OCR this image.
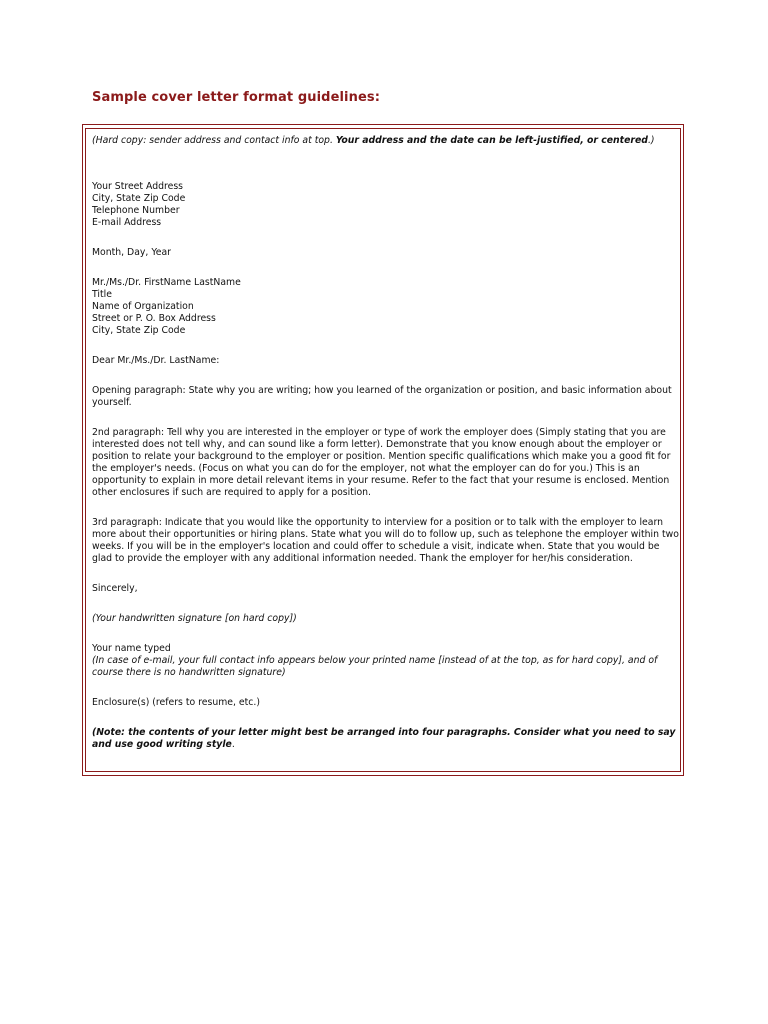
Sample cover letter format guidelines:

(Hard copy: sender address and contact info at top. Your address and the date can be left-justified, or centered.)

Your Street Address
City, State Zip Code
Telephone Number
E-mail Address

Month, Day, Year

Mr./Ms./Dr. FirstName LastName
Title
Name of Organization
Street or P. O. Box Address
City, State Zip Code

Dear Mr./Ms./Dr. LastName:

Opening paragraph: State why you are writing; how you learned of the organization or position, and basic information about yourself.

2nd paragraph: Tell why you are interested in the employer or type of work the employer does (Simply stating that you are interested does not tell why, and can sound like a form letter). Demonstrate that you know enough about the employer or position to relate your background to the employer or position. Mention specific qualifications which make you a good fit for the employer's needs. (Focus on what you can do for the employer, not what the employer can do for you.) This is an opportunity to explain in more detail relevant items in your resume. Refer to the fact that your resume is enclosed. Mention other enclosures if such are required to apply for a position.

3rd paragraph: Indicate that you would like the opportunity to interview for a position or to talk with the employer to learn more about their opportunities or hiring plans. State what you will do to follow up, such as telephone the employer within two weeks. If you will be in the employer's location and could offer to schedule a visit, indicate when. State that you would be glad to provide the employer with any additional information needed. Thank the employer for her/his consideration.

Sincerely,

(Your handwritten signature [on hard copy])

Your name typed

(In case of e-mail, your full contact info appears below your printed name [instead of at the top, as for hard copy], and of course there is no handwritten signature)

Enclosure(s) (refers to resume, etc.)

(Note: the contents of your letter might best be arranged into four paragraphs. Consider what you need to say and use good writing style.
